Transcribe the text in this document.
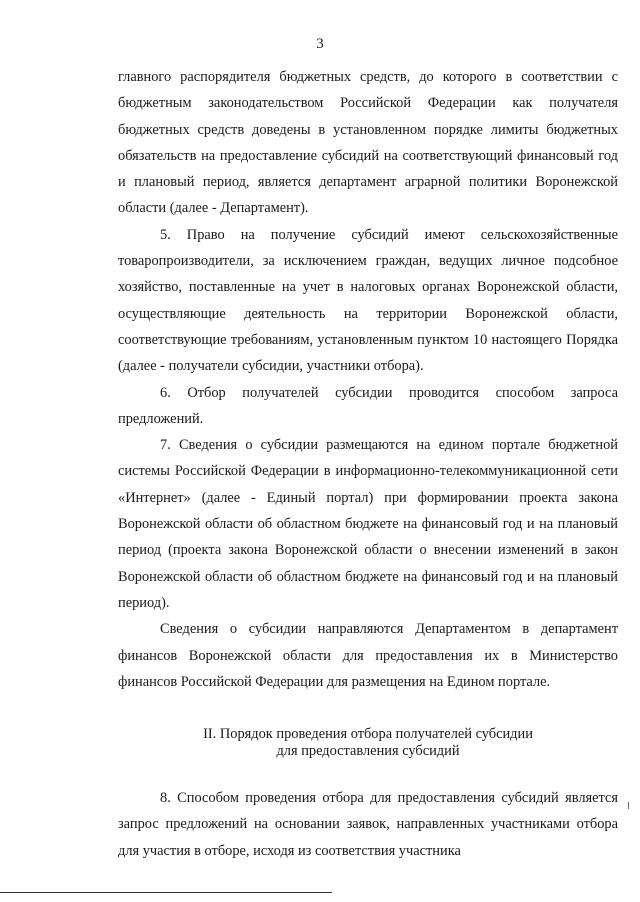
3

главного распорядителя бюджетных средств, до которого в соответствии с бюджетным законодательством Российской Федерации как получателя бюджетных средств доведены в установленном порядке лимиты бюджетных обязательств на предоставление субсидий на соответствующий финансовый год и плановый период, является департамент аграрной политики Воронежской области (далее - Департамент).

5. Право на получение субсидий имеют сельскохозяйственные товаропроизводители, за исключением граждан, ведущих личное подсобное хозяйство, поставленные на учет в налоговых органах Воронежской области, осуществляющие деятельность на территории Воронежской области, соответствующие требованиям, установленным пунктом 10 настоящего Порядка (далее - получатели субсидии, участники отбора).

6. Отбор получателей субсидии проводится способом запроса предложений.

7. Сведения о субсидии размещаются на едином портале бюджетной системы Российской Федерации в информационно-телекоммуникационной сети «Интернет» (далее - Единый портал) при формировании проекта закона Воронежской области об областном бюджете на финансовый год и на плановый период (проекта закона Воронежской области о внесении изменений в закон Воронежской области об областном бюджете на финансовый год и на плановый период).

Сведения о субсидии направляются Департаментом в департамент финансов Воронежской области для предоставления их в Министерство финансов Российской Федерации для размещения на Едином портале.

II. Порядок проведения отбора получателей субсидии
для предоставления субсидий

8. Способом проведения отбора для предоставления субсидий является запрос предложений на основании заявок, направленных участниками отбора для участия в отборе, исходя из соответствия участника
